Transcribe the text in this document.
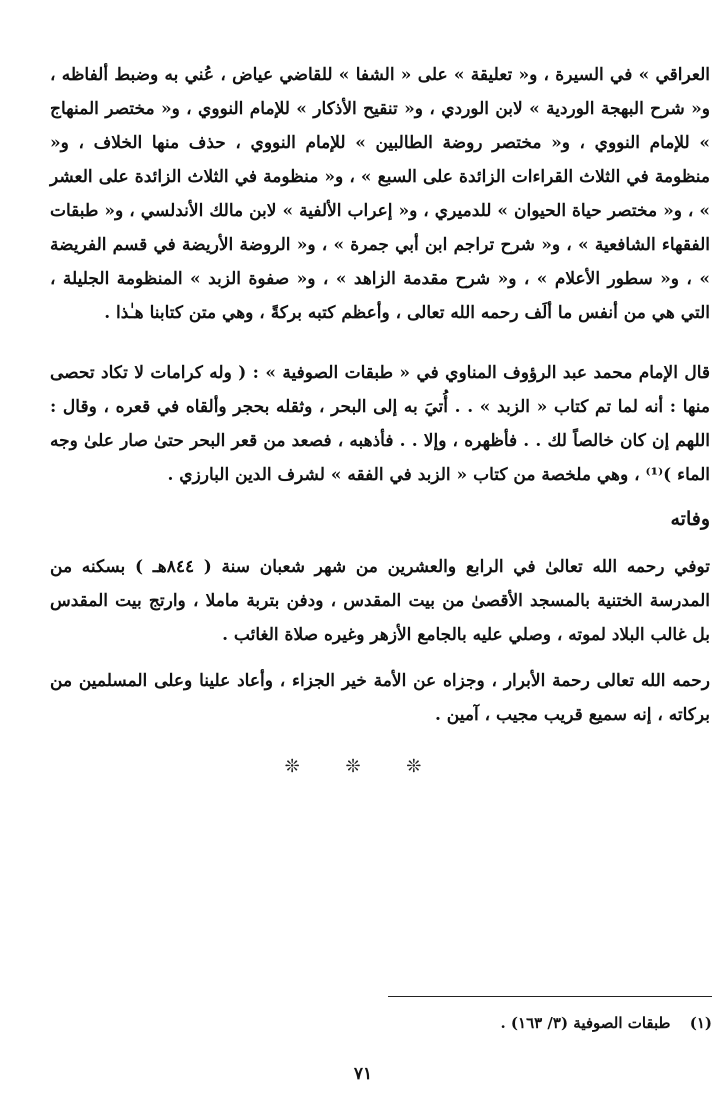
العراقي » في السيرة ، و« تعليقة » على « الشفا » للقاضي عياض ، عُني به وضبط ألفاظه ، و« شرح البهجة الوردية » لابن الوردي ، و« تنقيح الأذكار » للإمام النووي ، و« مختصر المنهاج » للإمام النووي ، و« مختصر روضة الطالبين » للإمام النووي ، حذف منها الخلاف ، و« منظومة في الثلاث القراءات الزائدة على السبع » ، و« منظومة في الثلاث الزائدة على العشر » ، و« مختصر حياة الحيوان » للدميري ، و« إعراب الألفية » لابن مالك الأندلسي ، و« طبقات الفقهاء الشافعية » ، و« شرح تراجم ابن أبي جمرة » ، و« الروضة الأريضة في قسم الفريضة » ، و« سطور الأعلام » ، و« شرح مقدمة الزاهد » ، و« صفوة الزبد » المنظومة الجليلة ، التي هي من أنفس ما ألَف رحمه الله تعالى ، وأعظم كتبه بركةً ، وهي متن كتابنا هـٰذا .

قال الإمام محمد عبد الرؤوف المناوي في « طبقات الصوفية » : ( وله كرامات لا تكاد تحصى منها : أنه لما تم كتاب « الزبد » . . أُتيَ به إلى البحر ، وثقله بحجر وألقاه في قعره ، وقال : اللهم إن كان خالصاً لك . . فأظهره ، وإلا . . فأذهبه ، فصعد من قعر البحر حتىٰ صار علىٰ وجه الماء )⁽¹⁾ ، وهي ملخصة من كتاب « الزبد في الفقه » لشرف الدين البارزي .

وفاته

توفي رحمه الله تعالىٰ في الرابع والعشرين من شهر شعبان سنة ( ٨٤٤هـ ) بسكنه من المدرسة الختنية بالمسجد الأقصىٰ من بيت المقدس ، ودفن بتربة ماملا ، وارتج بيت المقدس بل غالب البلاد لموته ، وصلي عليه بالجامع الأزهر وغيره صلاة الغائب .

رحمه الله تعالى رحمة الأبرار ، وجزاه عن الأمة خير الجزاء ، وأعاد علينا وعلى المسلمين من بركاته ، إنه سميع قريب مجيب ، آمين .

❊ ❊ ❊
(١) طبقات الصوفية (٣/ ١٦٣) .
٧١
